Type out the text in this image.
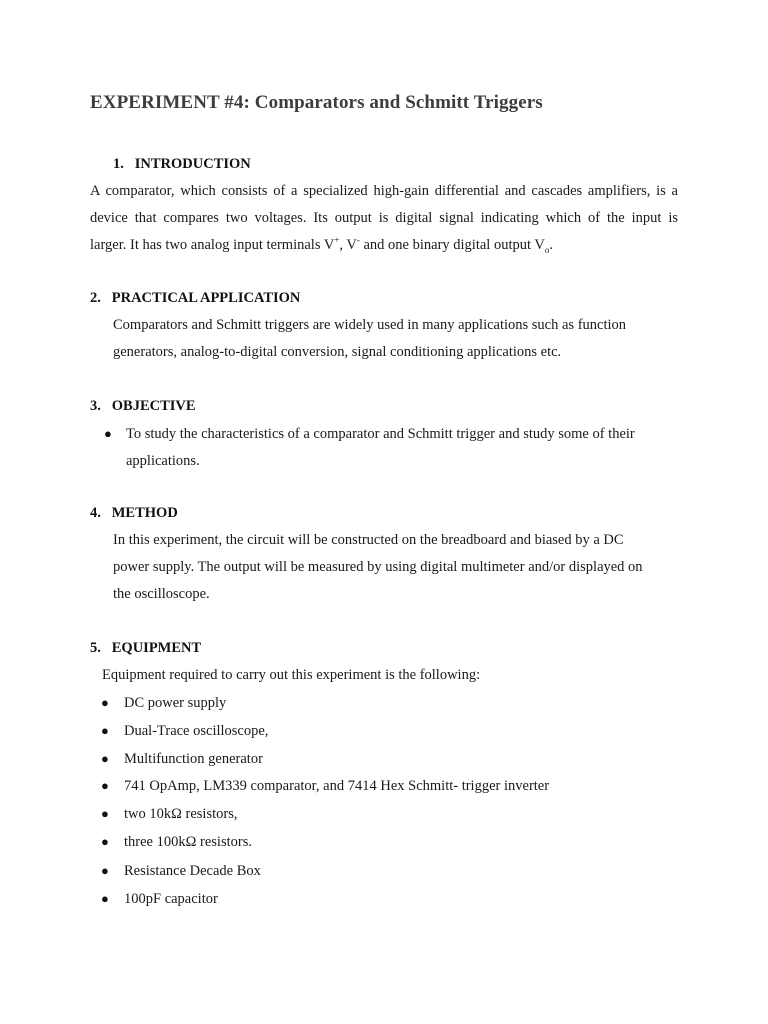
EXPERIMENT #4: Comparators and Schmitt Triggers
1. INTRODUCTION
A comparator, which consists of a specialized high-gain differential and cascades amplifiers, is a
device that compares two voltages. Its output is digital signal indicating which of the input is
larger. It has two analog input terminals V+, V- and one binary digital output $V_o$.
2. PRACTICAL APPLICATION
Comparators and Schmitt triggers are widely used in many applications such as function
generators, analog-to-digital conversion, signal conditioning applications etc.
3. OBJECTIVE
● To study the characteristics of a comparator and Schmitt trigger and study some of their
applications.
4. METHOD
In this experiment, the circuit will be constructed on the breadboard and biased by a DC
power supply. The output will be measured by using digital multimeter and/or displayed on
the oscilloscope.
5. EQUIPMENT
Equipment required to carry out this experiment is the following:
● DC power supply
● Dual-Trace oscilloscope,
● Multifunction generator
● 741 OpAmp, LM339 comparator, and 7414 Hex Schmitt- trigger inverter
● two 10kΩ resistors,
● three 100kΩ resistors.
● Resistance Decade Box
● 100pF capacitor
